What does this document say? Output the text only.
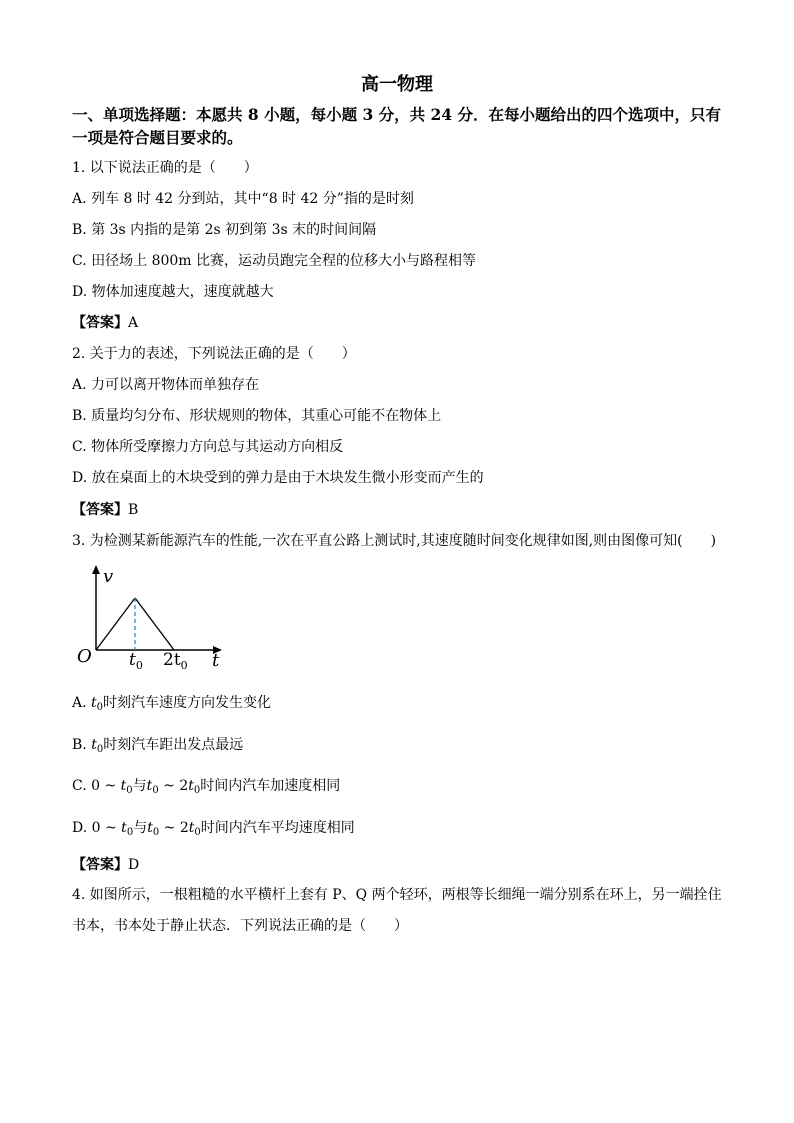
高一物理
一、单项选择题：本愿共 8 小题，每小题 3 分，共 24 分．在每小题给出的四个选项中，只有一项是符合题目要求的。
1. 以下说法正确的是（　　）
A. 列车 8 时 42 分到站，其中“8 时 42 分”指的是时刻
B. 第 3s 内指的是第 2s 初到第 3s 末的时间间隔
C. 田径场上 800m 比赛，运动员跑完全程的位移大小与路程相等
D. 物体加速度越大，速度就越大
【答案】A
2. 关于力的表述，下列说法正确的是（　　）
A. 力可以离开物体而单独存在
B. 质量均匀分布、形状规则的物体，其重心可能不在物体上
C. 物体所受摩擦力方向总与其运动方向相反
D. 放在桌面上的木块受到的弹力是由于木块发生微小形变而产生的
【答案】B
3. 为检测某新能源汽车的性能,一次在平直公路上测试时,其速度随时间变化规律如图,则由图像可知(　　)
v
O	t
$t_0$ $2t_0$
A. $t_0$时刻汽车速度方向发生变化
B. $t_0$时刻汽车距出发点最远
C. 0 ~ $t_0$与$t_0$ ~ $2t_0$时间内汽车加速度相同
D. 0 ~ $t_0$与$t_0$ ~ $2t_0$时间内汽车平均速度相同
【答案】D
4. 如图所示，一根粗糙的水平横杆上套有 P、Q 两个轻环，两根等长细绳一端分别系在环上，另一端拴住书本，书本处于静止状态．下列说法正确的是（　　）
